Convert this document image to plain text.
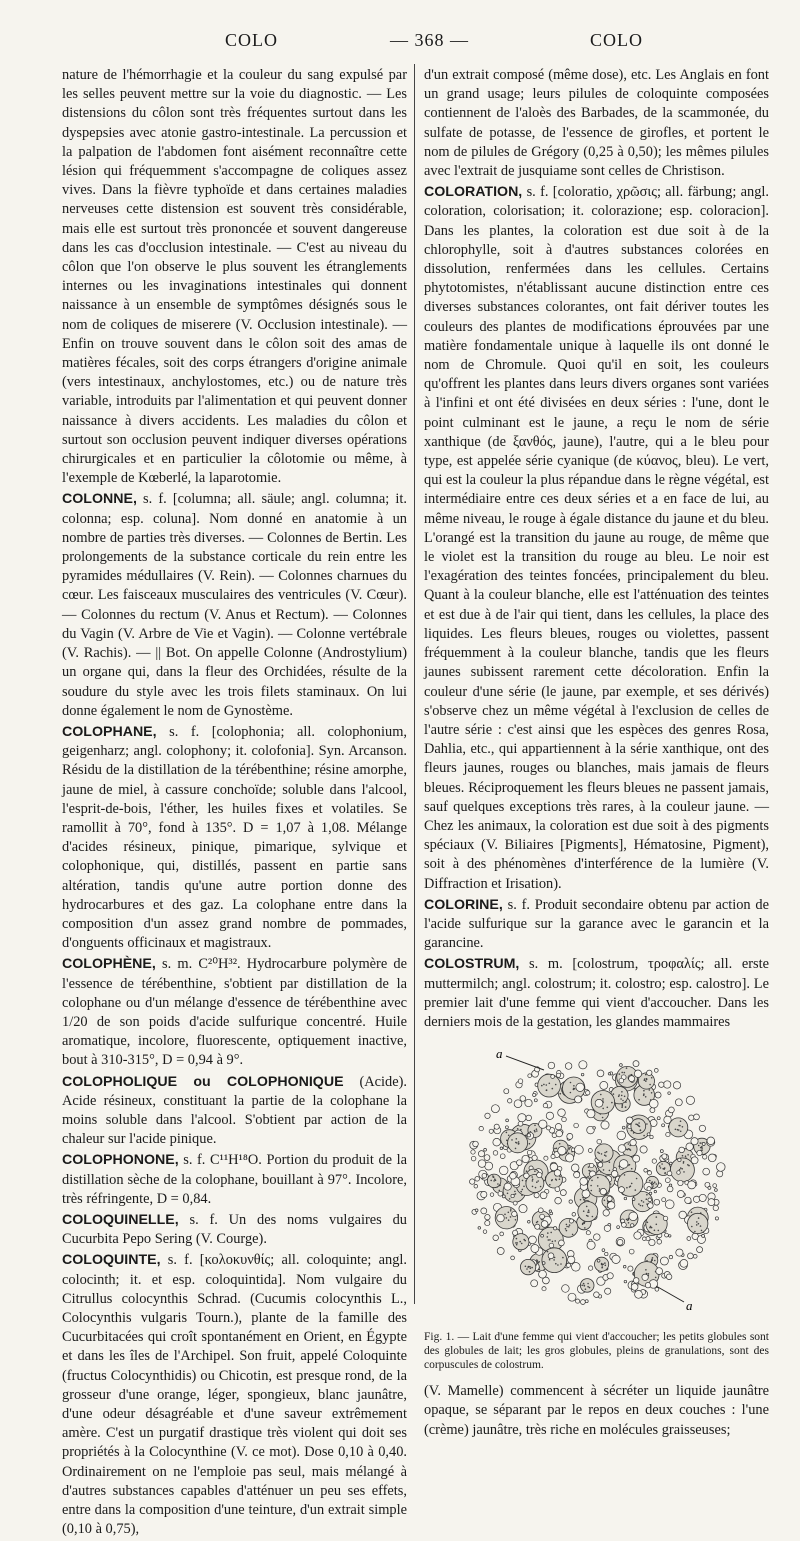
COLO	— 368 —	COLO

nature de l'hémorrhagie et la couleur du sang expulsé par les selles peuvent mettre sur la voie du diagnostic. — Les distensions du côlon sont très fréquentes surtout dans les dyspepsies avec atonie gastro-intestinale. La percussion et la palpation de l'abdomen font aisément reconnaître cette lésion qui fréquemment s'accompagne de coliques assez vives. Dans la fièvre typhoïde et dans certaines maladies nerveuses cette distension est souvent très considérable, mais elle est surtout très prononcée et souvent dangereuse dans les cas d'occlusion intestinale. — C'est au niveau du côlon que l'on observe le plus souvent les étranglements internes ou les invaginations intestinales qui donnent naissance à un ensemble de symptômes désignés sous le nom de coliques de miserere (V. Occlusion intestinale). — Enfin on trouve souvent dans le côlon soit des amas de matières fécales, soit des corps étrangers d'origine animale (vers intestinaux, anchylostomes, etc.) ou de nature très variable, introduits par l'alimentation et qui peuvent donner naissance à divers accidents. Les maladies du côlon et surtout son occlusion peuvent indiquer diverses opérations chirurgicales et en particulier la côlotomie ou même, à l'exemple de Kœberlé, la laparotomie.

COLONNE, s. f. [columna; all. säule; angl. columna; it. colonna; esp. coluna]. Nom donné en anatomie à un nombre de parties très diverses. — Colonnes de Bertin. Les prolongements de la substance corticale du rein entre les pyramides médullaires (V. Rein). — Colonnes charnues du cœur. Les faisceaux musculaires des ventricules (V. Cœur). — Colonnes du rectum (V. Anus et Rectum). — Colonnes du Vagin (V. Arbre de Vie et Vagin). — Colonne vertébrale (V. Rachis). — || Bot. On appelle Colonne (Androstylium) un organe qui, dans la fleur des Orchidées, résulte de la soudure du style avec les trois filets staminaux. On lui donne également le nom de Gynostème.

COLOPHANE, s. f. [colophonia; all. colophonium, geigenharz; angl. colophony; it. colofonia]. Syn. Arcanson. Résidu de la distillation de la térébenthine; résine amorphe, jaune de miel, à cassure conchoïde; soluble dans l'alcool, l'esprit-de-bois, l'éther, les huiles fixes et volatiles. Se ramollit à 70°, fond à 135°. D = 1,07 à 1,08. Mélange d'acides résineux, pinique, pimarique, sylvique et colophonique, qui, distillés, passent en partie sans altération, tandis qu'une autre portion donne des hydrocarbures et des gaz. La colophane entre dans la composition d'un assez grand nombre de pommades, d'onguents officinaux et magistraux.

COLOPHÈNE, s. m. C²⁰H³². Hydrocarbure polymère de l'essence de térébenthine, s'obtient par distillation de la colophane ou d'un mélange d'essence de térébenthine avec 1/20 de son poids d'acide sulfurique concentré. Huile aromatique, incolore, fluorescente, optiquement inactive, bout à 310-315°, D = 0,94 à 9°.

COLOPHOLIQUE ou COLOPHONIQUE (Acide). Acide résineux, constituant la partie de la colophane la moins soluble dans l'alcool. S'obtient par action de la chaleur sur l'acide pinique.

COLOPHONONE, s. f. C¹¹H¹⁸O. Portion du produit de la distillation sèche de la colophane, bouillant à 97°. Incolore, très réfringente, D = 0,84.

COLOQUINELLE, s. f. Un des noms vulgaires du Cucurbita Pepo Sering (V. Courge).

COLOQUINTE, s. f. [κολοκυνθίς; all. coloquinte; angl. colocinth; it. et esp. coloquintida]. Nom vulgaire du Citrullus colocynthis Schrad. (Cucumis colocynthis L., Colocynthis vulgaris Tourn.), plante de la famille des Cucurbitacées qui croît spontanément en Orient, en Égypte et dans les îles de l'Archipel. Son fruit, appelé Coloquinte (fructus Colocynthidis) ou Chicotin, est presque rond, de la grosseur d'une orange, léger, spongieux, blanc jaunâtre, d'une odeur désagréable et d'une saveur extrêmement amère. C'est un purgatif drastique très violent qui doit ses propriétés à la Colocynthine (V. ce mot). Dose 0,10 à 0,40. Ordinairement on ne l'emploie pas seul, mais mélangé à d'autres substances capables d'atténuer un peu ses effets, entre dans la composition d'une teinture, d'un extrait simple (0,10 à 0,75),

d'un extrait composé (même dose), etc. Les Anglais en font un grand usage; leurs pilules de coloquinte composées contiennent de l'aloès des Barbades, de la scammonée, du sulfate de potasse, de l'essence de girofles, et portent le nom de pilules de Grégory (0,25 à 0,50); les mêmes pilules avec l'extrait de jusquiame sont celles de Christison.

COLORATION, s. f. [coloratio, χρῶσις; all. färbung; angl. coloration, colorisation; it. colorazione; esp. coloracion]. Dans les plantes, la coloration est due soit à de la chlorophylle, soit à d'autres substances colorées en dissolution, renfermées dans les cellules. Certains phytotomistes, n'établissant aucune distinction entre ces diverses substances colorantes, ont fait dériver toutes les couleurs des plantes de modifications éprouvées par une matière fondamentale unique à laquelle ils ont donné le nom de Chromule. Quoi qu'il en soit, les couleurs qu'offrent les plantes dans leurs divers organes sont variées à l'infini et ont été divisées en deux séries : l'une, dont le point culminant est le jaune, a reçu le nom de série xanthique (de ξανθός, jaune), l'autre, qui a le bleu pour type, est appelée série cyanique (de κύανος, bleu). Le vert, qui est la couleur la plus répandue dans le règne végétal, est intermédiaire entre ces deux séries et a en face de lui, au même niveau, le rouge à égale distance du jaune et du bleu. L'orangé est la transition du jaune au rouge, de même que le violet est la transition du rouge au bleu. Le noir est l'exagération des teintes foncées, principalement du bleu. Quant à la couleur blanche, elle est l'atténuation des teintes et est due à de l'air qui tient, dans les cellules, la place des liquides. Les fleurs bleues, rouges ou violettes, passent fréquemment à la couleur blanche, tandis que les fleurs jaunes subissent rarement cette décoloration. Enfin la couleur d'une série (le jaune, par exemple, et ses dérivés) s'observe chez un même végétal à l'exclusion de celles de l'autre série : c'est ainsi que les espèces des genres Rosa, Dahlia, etc., qui appartiennent à la série xanthique, ont des fleurs jaunes, rouges ou blanches, mais jamais de fleurs bleues. Réciproquement les fleurs bleues ne passent jamais, sauf quelques exceptions très rares, à la couleur jaune. — Chez les animaux, la coloration est due soit à des pigments spéciaux (V. Biliaires [Pigments], Hématosine, Pigment), soit à des phénomènes d'interférence de la lumière (V. Diffraction et Irisation).

COLORINE, s. f. Produit secondaire obtenu par action de l'acide sulfurique sur la garance avec le garancin et la garancine.

COLOSTRUM, s. m. [colostrum, τροφαλίς; all. erste muttermilch; angl. colostrum; it. colostro; esp. calostro]. Le premier lait d'une femme qui vient d'accoucher. Dans les derniers mois de la gestation, les glandes mammaires

a
a

Fig. 1. — Lait d'une femme qui vient d'accoucher; les petits globules sont des globules de lait; les gros globules, pleins de granulations, sont des corpuscules de colostrum.

(V. Mamelle) commencent à sécréter un liquide jaunâtre opaque, se séparant par le repos en deux couches : l'une (crème) jaunâtre, très riche en molécules graisseuses;
